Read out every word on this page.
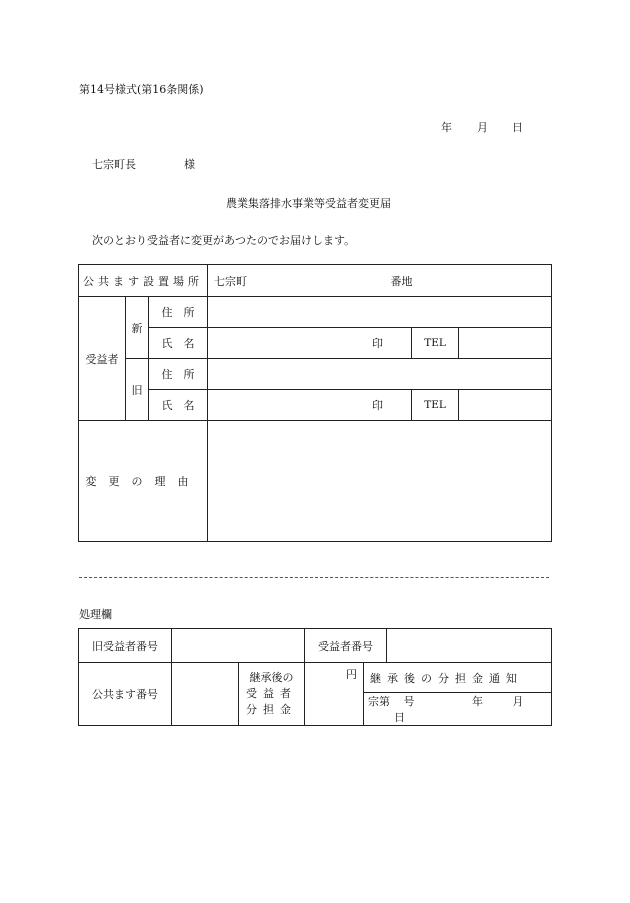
第14号様式(第16条関係)
年 月 日
七宗町長	様
農業集落排水事業等受益者変更届
次のとおり受益者に変更があつたのでお届けします。
公共ます設置場所			七宗町 番地		
受益者	新	住　所			
		氏　名	印	TEL	
	旧	住　所			
		氏　名	印	TEL	
変更の理由					
処理欄
旧受益者番号			受益者番号		
公共ます番号		継承後の
受益者
分担金	円	継承後の分担金通知	
				宗第 号 年 月 日	
